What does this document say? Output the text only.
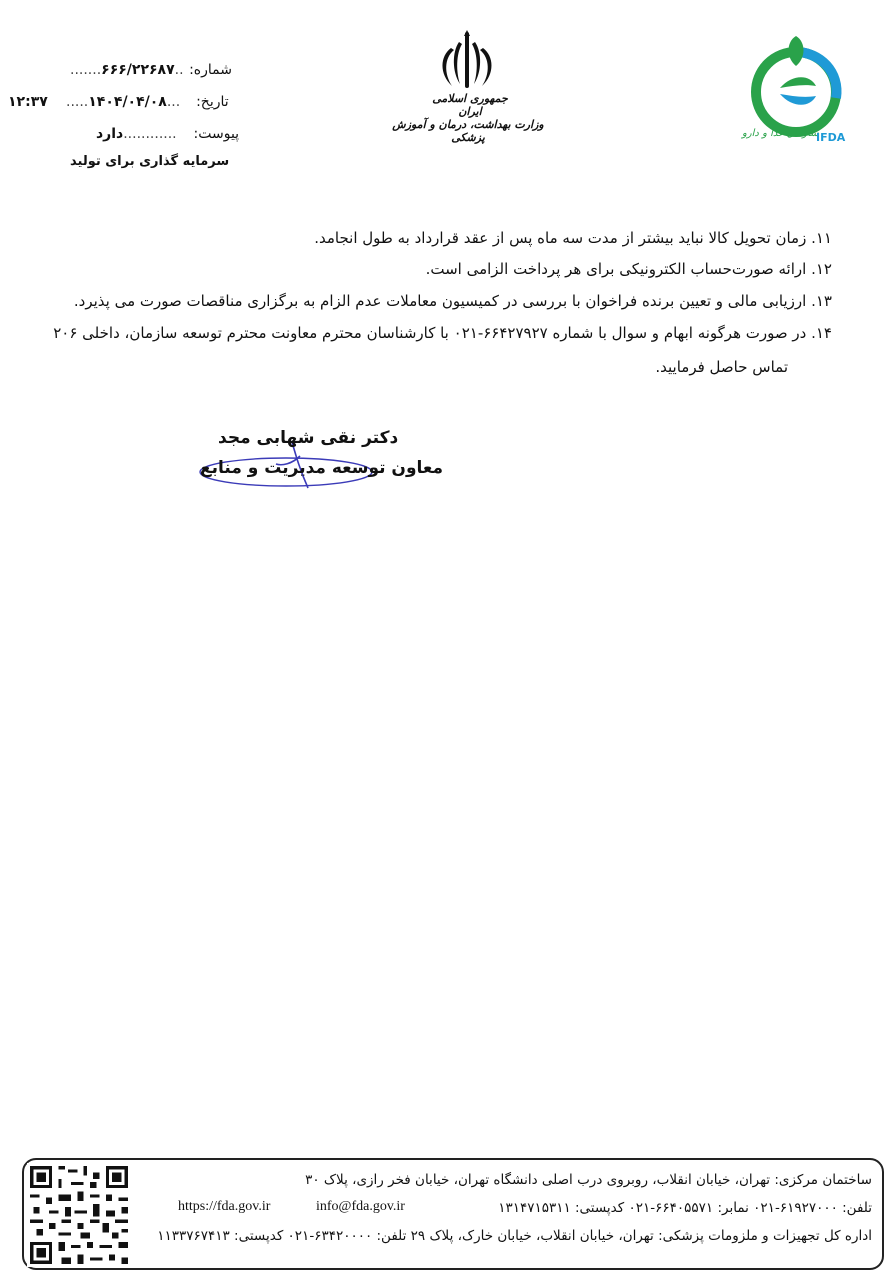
شماره: ..۶۶۶/۲۲۶۸۷.......
تاریخ: ...۱۴۰۴/۰۴/۰۸.....
۱۲:۳۷
پیوست: ............دارد
سرمایه گذاری برای تولید
جمهوری اسلامی ایران
وزارت بهداشت، درمان و آموزش پزشکی	سازمان غذا و دارو
IFDA
۱۱. زمان تحویل کالا نباید بیشتر از مدت سه ماه پس از عقد قرارداد به طول انجامد.
۱۲. ارائه صورت‌حساب الکترونیکی برای هر پرداخت الزامی است.
۱۳. ارزیابی مالی و تعیین برنده فراخوان با بررسی در کمیسیون معاملات عدم الزام به برگزاری مناقصات صورت می پذیرد.
۱۴. در صورت هرگونه ابهام و سوال با شماره ۶۶۴۲۷۹۲۷-۰۲۱ با کارشناسان محترم معاونت محترم توسعه سازمان، داخلی ۲۰۶
تماس حاصل فرمایید.
دکتر نقی شهابی مجد
معاون توسعه مدیریت و منابع
ساختمان مرکزی: تهران، خیابان انقلاب، روبروی درب اصلی دانشگاه تهران، خیابان فخر رازی، پلاک ۳۰
تلفن: ۶۱۹۲۷۰۰۰-۰۲۱ نمابر: ۶۶۴۰۵۵۷۱-۰۲۱ کدپستی: ۱۳۱۴۷۱۵۳۱۱
info@fda.gov.ir
https://fda.gov.ir
اداره کل تجهیزات و ملزومات پزشکی: تهران، خیابان انقلاب، خیابان خارک، پلاک ۲۹ تلفن: ۶۳۴۲۰۰۰۰-۰۲۱ کدپستی: ۱۱۳۳۷۶۷۴۱۳
